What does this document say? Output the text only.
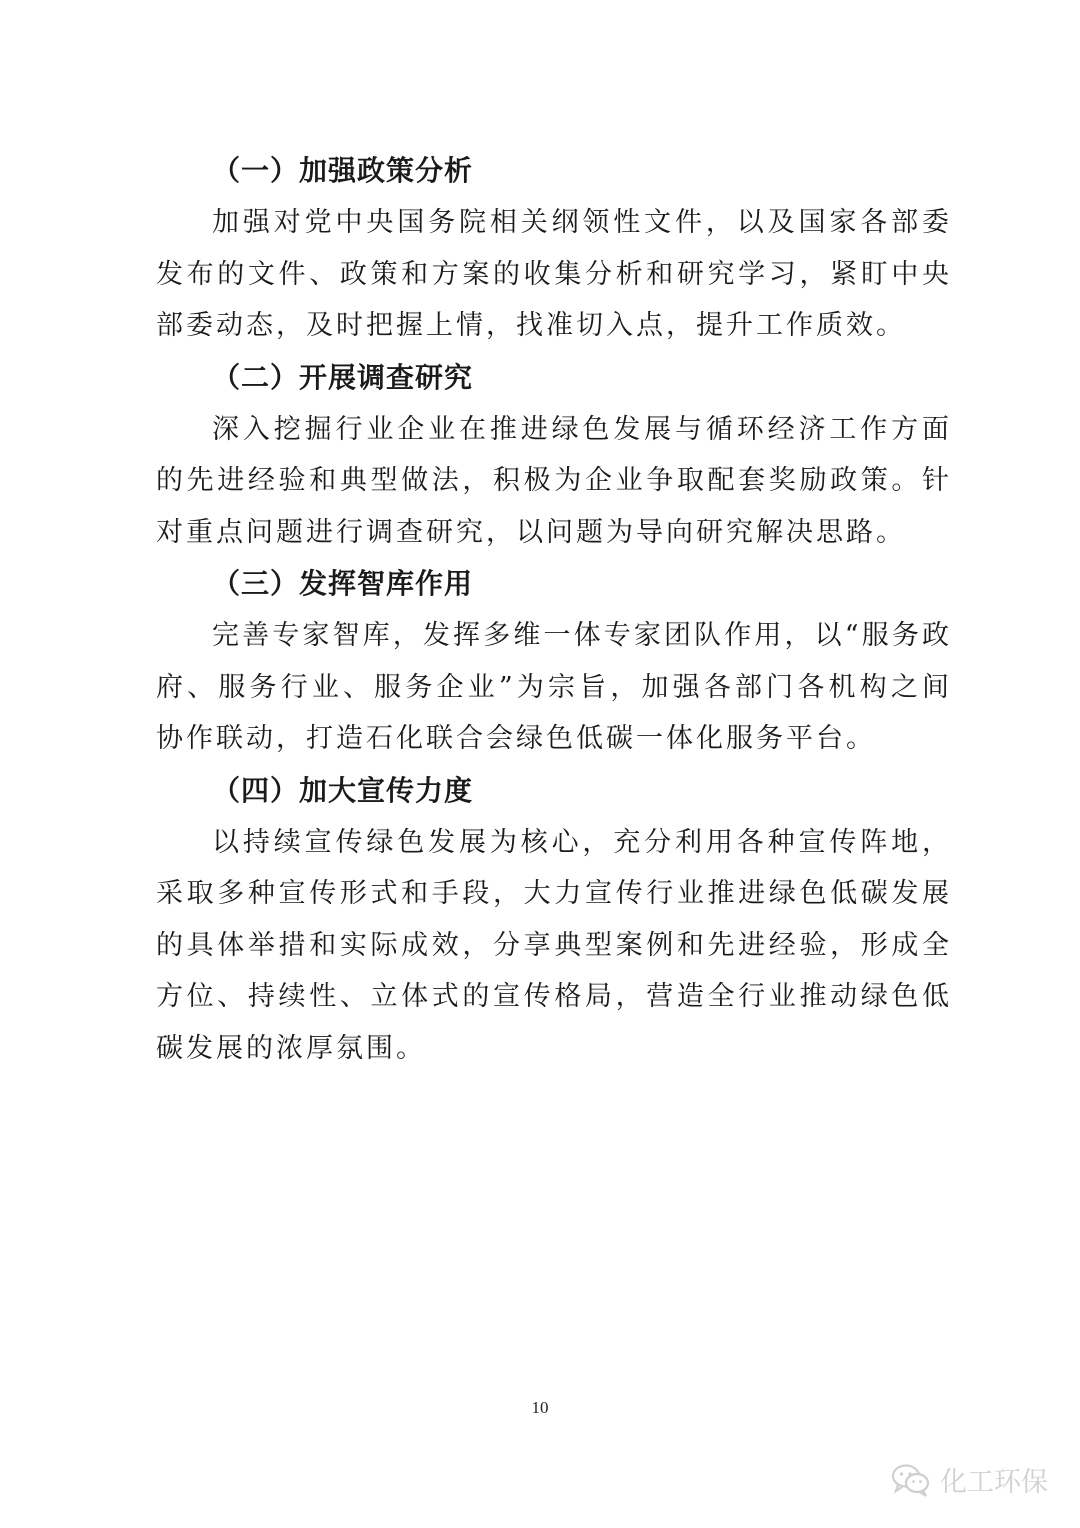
（一）加强政策分析

加强对党中央国务院相关纲领性文件，以及国家各部委发布的文件、政策和方案的收集分析和研究学习，紧盯中央部委动态，及时把握上情，找准切入点，提升工作质效。

（二）开展调查研究

深入挖掘行业企业在推进绿色发展与循环经济工作方面的先进经验和典型做法，积极为企业争取配套奖励政策。针对重点问题进行调查研究，以问题为导向研究解决思路。

（三）发挥智库作用

完善专家智库，发挥多维一体专家团队作用，以“服务政府、服务行业、服务企业”为宗旨，加强各部门各机构之间协作联动，打造石化联合会绿色低碳一体化服务平台。

（四）加大宣传力度

以持续宣传绿色发展为核心，充分利用各种宣传阵地，采取多种宣传形式和手段，大力宣传行业推进绿色低碳发展的具体举措和实际成效，分享典型案例和先进经验，形成全方位、持续性、立体式的宣传格局，营造全行业推动绿色低碳发展的浓厚氛围。

10
化工环保
